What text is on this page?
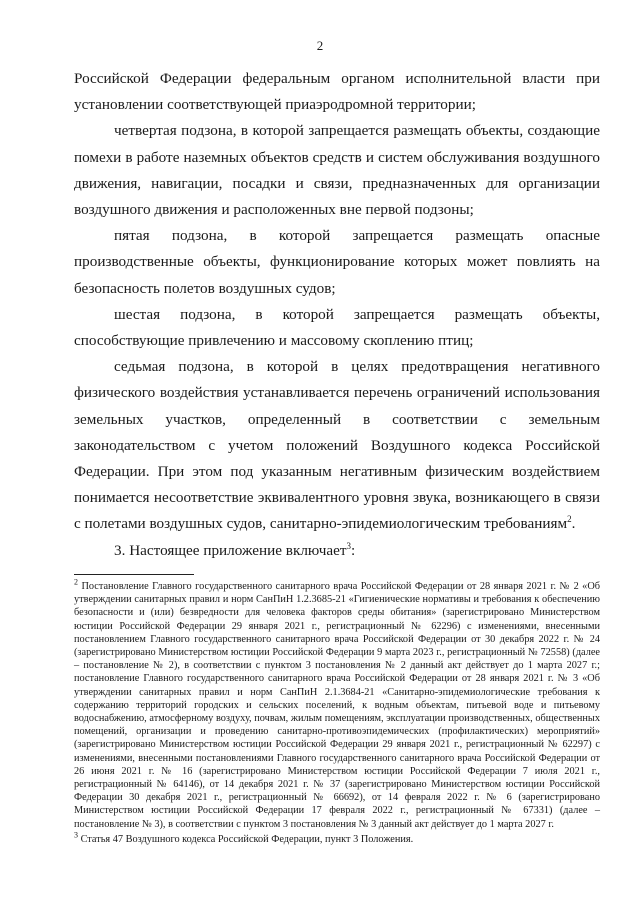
2

Российской Федерации федеральным органом исполнительной власти при установлении соответствующей приаэродромной территории;

четвертая подзона, в которой запрещается размещать объекты, создающие помехи в работе наземных объектов средств и систем обслуживания воздушного движения, навигации, посадки и связи, предназначенных для организации воздушного движения и расположенных вне первой подзоны;

пятая подзона, в которой запрещается размещать опасные производственные объекты, функционирование которых может повлиять на безопасность полетов воздушных судов;

шестая подзона, в которой запрещается размещать объекты, способствующие привлечению и массовому скоплению птиц;

седьмая подзона, в которой в целях предотвращения негативного физического воздействия устанавливается перечень ограничений использования земельных участков, определенный в соответствии с земельным законодательством с учетом положений Воздушного кодекса Российской Федерации. При этом под указанным негативным физическим воздействием понимается несоответствие эквивалентного уровня звука, возникающего в связи с полетами воздушных судов, санитарно-эпидемиологическим требованиям$^2$.

3. Настоящее приложение включает$^3$:

$^2$ Постановление Главного государственного санитарного врача Российской Федерации от 28 января 2021 г. № 2 «Об утверждении санитарных правил и норм СанПиН 1.2.3685-21 «Гигиенические нормативы и требования к обеспечению безопасности и (или) безвредности для человека факторов среды обитания» (зарегистрировано Министерством юстиции Российской Федерации 29 января 2021 г., регистрационный № 62296) с изменениями, внесенными постановлением Главного государственного санитарного врача Российской Федерации от 30 декабря 2022 г. № 24 (зарегистрировано Министерством юстиции Российской Федерации 9 марта 2023 г., регистрационный № 72558) (далее – постановление № 2), в соответствии с пунктом 3 постановления № 2 данный акт действует до 1 марта 2027 г.; постановление Главного государственного санитарного врача Российской Федерации от 28 января 2021 г. № 3 «Об утверждении санитарных правил и норм СанПиН 2.1.3684-21 «Санитарно-эпидемиологические требования к содержанию территорий городских и сельских поселений, к водным объектам, питьевой воде и питьевому водоснабжению, атмосферному воздуху, почвам, жилым помещениям, эксплуатации производственных, общественных помещений, организации и проведению санитарно-противоэпидемических (профилактических) мероприятий» (зарегистрировано Министерством юстиции Российской Федерации 29 января 2021 г., регистрационный № 62297) с изменениями, внесенными постановлениями Главного государственного санитарного врача Российской Федерации от 26 июня 2021 г. № 16 (зарегистрировано Министерством юстиции Российской Федерации 7 июля 2021 г., регистрационный № 64146), от 14 декабря 2021 г. № 37 (зарегистрировано Министерством юстиции Российской Федерации 30 декабря 2021 г., регистрационный № 66692), от 14 февраля 2022 г. № 6 (зарегистрировано Министерством юстиции Российской Федерации 17 февраля 2022 г., регистрационный № 67331) (далее – постановление № 3), в соответствии с пунктом 3 постановления № 3 данный акт действует до 1 марта 2027 г.

$^3$ Статья 47 Воздушного кодекса Российской Федерации, пункт 3 Положения.
